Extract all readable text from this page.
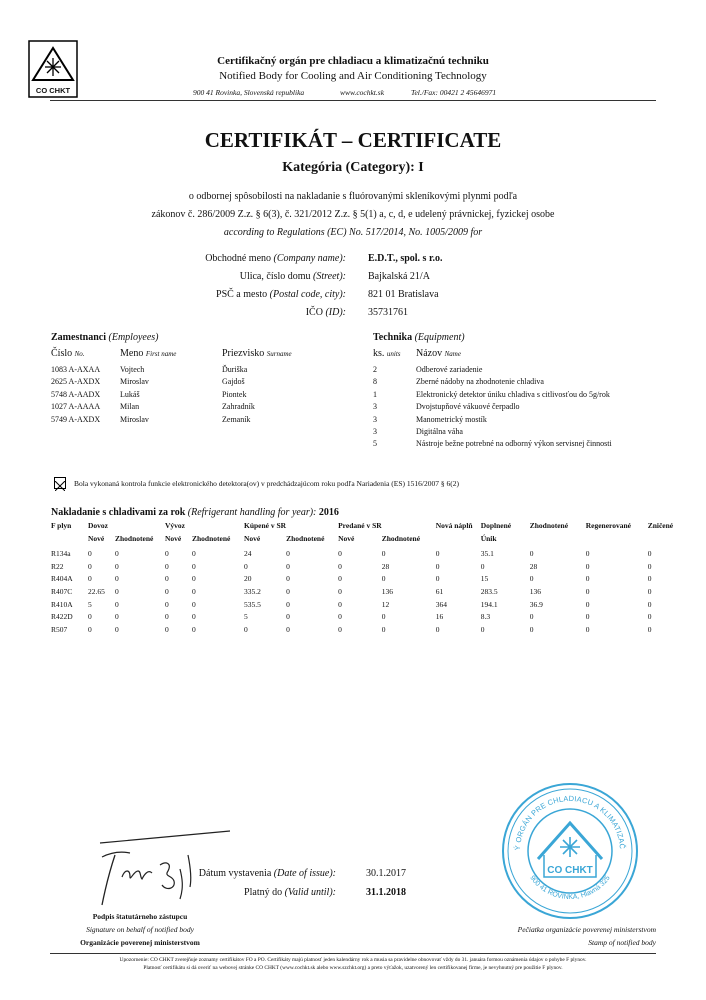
CO CHKT
Certifikačný orgán pre chladiacu a klimatizačnú techniku
Notified Body for Cooling and Air Conditioning Technology
900 41 Rovinka, Slovenská republika	www.cochkt.sk	Tel./Fax: 00421 2 45646971
CERTIFIKÁT – CERTIFICATE
Kategória (Category): I
o odbornej spôsobilosti na nakladanie s fluórovanými skleníkovými plynmi podľa
zákonov č. 286/2009 Z.z. § 6(3), č. 321/2012 Z.z. § 5(1) a, c, d, e udelený právnickej, fyzickej osobe
according to Regulations (EC) No. 517/2014, No. 1005/2009 for
Obchodné meno (Company name): E.D.T., spol. s r.o.
Ulica, číslo domu (Street): Bajkalská 21/A
PSČ a mesto (Postal code, city): 821 01 Bratislava
IČO (ID): 35731761
Zamestnanci (Employees)
Číslo No.	Meno First name	Priezvisko Surname
1083 A-AXAA	Vojtech	Ďuriška
2625 A-AXDX	Miroslav	Gajdoš
5748 A-AADX	Lukáš	Piontek
1027 A-AAAA	Milan	Zahradník
5749 A-AXDX	Miroslav	Zemaník
Technika (Equipment)
ks. units Názov Name
2	Odberové zariadenie
8	Zberné nádoby na zhodnotenie chladiva
1	Elektronický detektor úniku chladiva s citlivosťou do 5g/rok
3	Dvojstupňové vákuové čerpadlo
3	Manometrický mostík
3	Digitálna váha
5	Nástroje bežne potrebné na odborný výkon servisnej činnosti
Bola vykonaná kontrola funkcie elektronického detektora(ov) v predchádzajúcom roku podľa Nariadenia (ES) 1516/2007 § 6(2)
Nakladanie s chladivami za rok (Refrigerant handling for year): 2016
F plyn	Dovoz		Vývoz		Kúpené v SR		Predané v SR		Nová náplň	Doplnené	Zhodnotené	Regenerované	Zničené
	Nové	Zhodnotené	Nové	Zhodnotené	Nové	Zhodnotené	Nové	Zhodnotené		Únik			

R134a	0	0	0	0	24	0	0	0	0	35.1	0	0	0
R22	0	0	0	0	0	0	0	28	0	0	28	0	0
R404A	0	0	0	0	20	0	0	0	0	15	0	0	0
R407C	22.65	0	0	0	335.2	0	0	136	61	283.5	136	0	0
R410A	5	0	0	0	535.5	0	0	12	364	194.1	36.9	0	0
R422D	0	0	0	0	5	0	0	0	16	8.3	0	0	0
R507	0	0	0	0	0	0	0	0	0	0	0	0	0
Podpis štatutárneho zástupcu
Signature on behalf of notified body
Organizácie poverenej ministerstvom
Dátum vystavenia (Date of issue):	30.1.2017
Platný do (Valid until):	31.1.2018
Ý ORGÁN PRE CHLADIACU A KLIMATIZAČ
900 41 ROVINKA, Hlavná 325
CO CHKT
Pečiatka organizácie poverenej ministerstvom
Stamp of notified body
Upozornenie: CO CHKT zverejňuje zoznamy certifikátov FO a PO. Certifikáty majú platnosť jeden kalendárny rok a musia sa pravidelne obnovovať vždy do 31. januára formou oznámenia údajov o pohybe F plynov.
Platnosť certifikátu si dá overiť na webovej stránke CO CHKT (www.cochkt.sk alebo www.szchkt.org) a preto výťažok, uzatvorený len certifikovanej firme, je nevyhnutný pre použitie F plynov.
